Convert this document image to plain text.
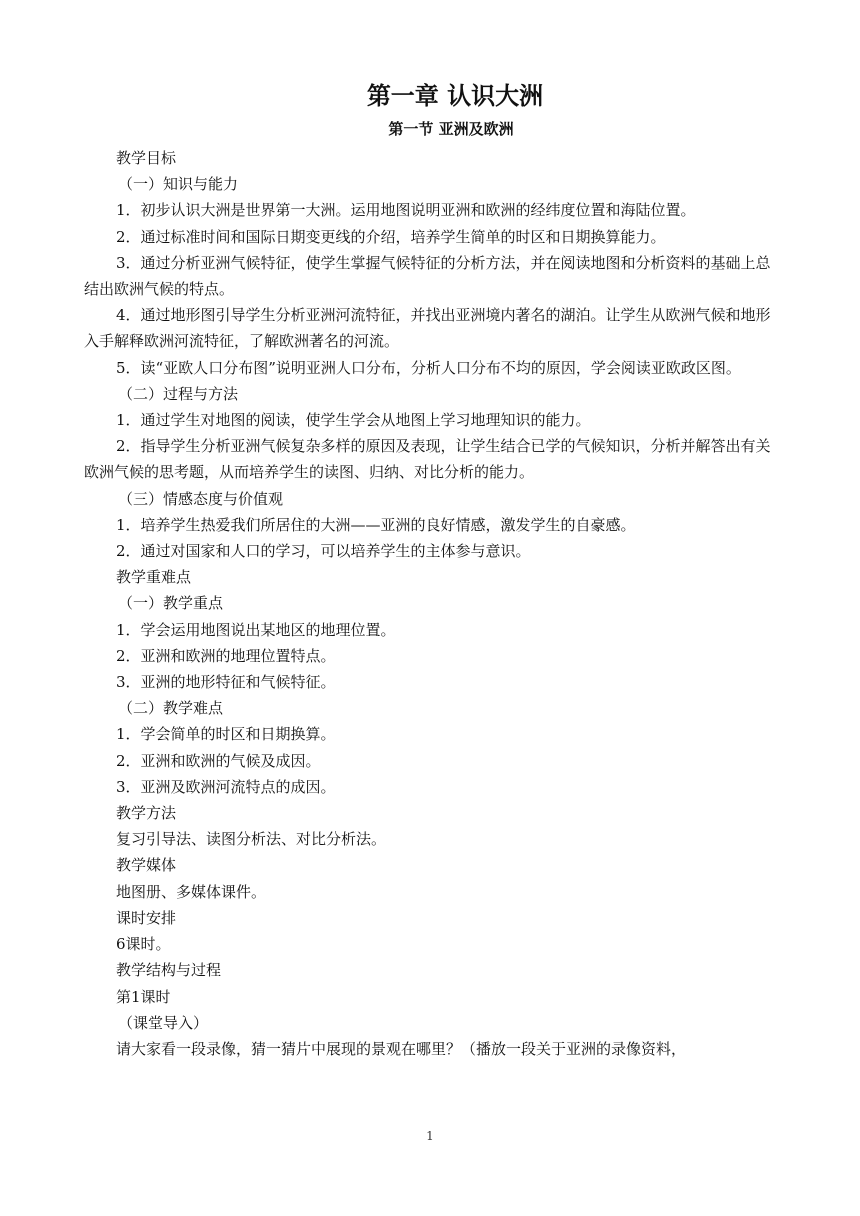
第一章 认识大洲
第一节 亚洲及欧洲

教学目标

（一）知识与能力

1．初步认识大洲是世界第一大洲。运用地图说明亚洲和欧洲的经纬度位置和海陆位置。

2．通过标准时间和国际日期变更线的介绍，培养学生简单的时区和日期换算能力。

3．通过分析亚洲气候特征，使学生掌握气候特征的分析方法，并在阅读地图和分析资料的基础上总结出欧洲气候的特点。

4．通过地形图引导学生分析亚洲河流特征，并找出亚洲境内著名的湖泊。让学生从欧洲气候和地形入手解释欧洲河流特征，了解欧洲著名的河流。

5．读“亚欧人口分布图”说明亚洲人口分布，分析人口分布不均的原因，学会阅读亚欧政区图。

（二）过程与方法

1．通过学生对地图的阅读，使学生学会从地图上学习地理知识的能力。

2．指导学生分析亚洲气候复杂多样的原因及表现，让学生结合已学的气候知识，分析并解答出有关欧洲气候的思考题，从而培养学生的读图、归纳、对比分析的能力。

（三）情感态度与价值观

1．培养学生热爱我们所居住的大洲——亚洲的良好情感，激发学生的自豪感。

2．通过对国家和人口的学习，可以培养学生的主体参与意识。

教学重难点

（一）教学重点

1．学会运用地图说出某地区的地理位置。

2．亚洲和欧洲的地理位置特点。

3．亚洲的地形特征和气候特征。

（二）教学难点

1．学会简单的时区和日期换算。

2．亚洲和欧洲的气候及成因。

3．亚洲及欧洲河流特点的成因。

教学方法

复习引导法、读图分析法、对比分析法。

教学媒体

地图册、多媒体课件。

课时安排

6课时。

教学结构与过程

第1课时

（课堂导入）

请大家看一段录像，猜一猜片中展现的景观在哪里？（播放一段关于亚洲的录像资料，

1
